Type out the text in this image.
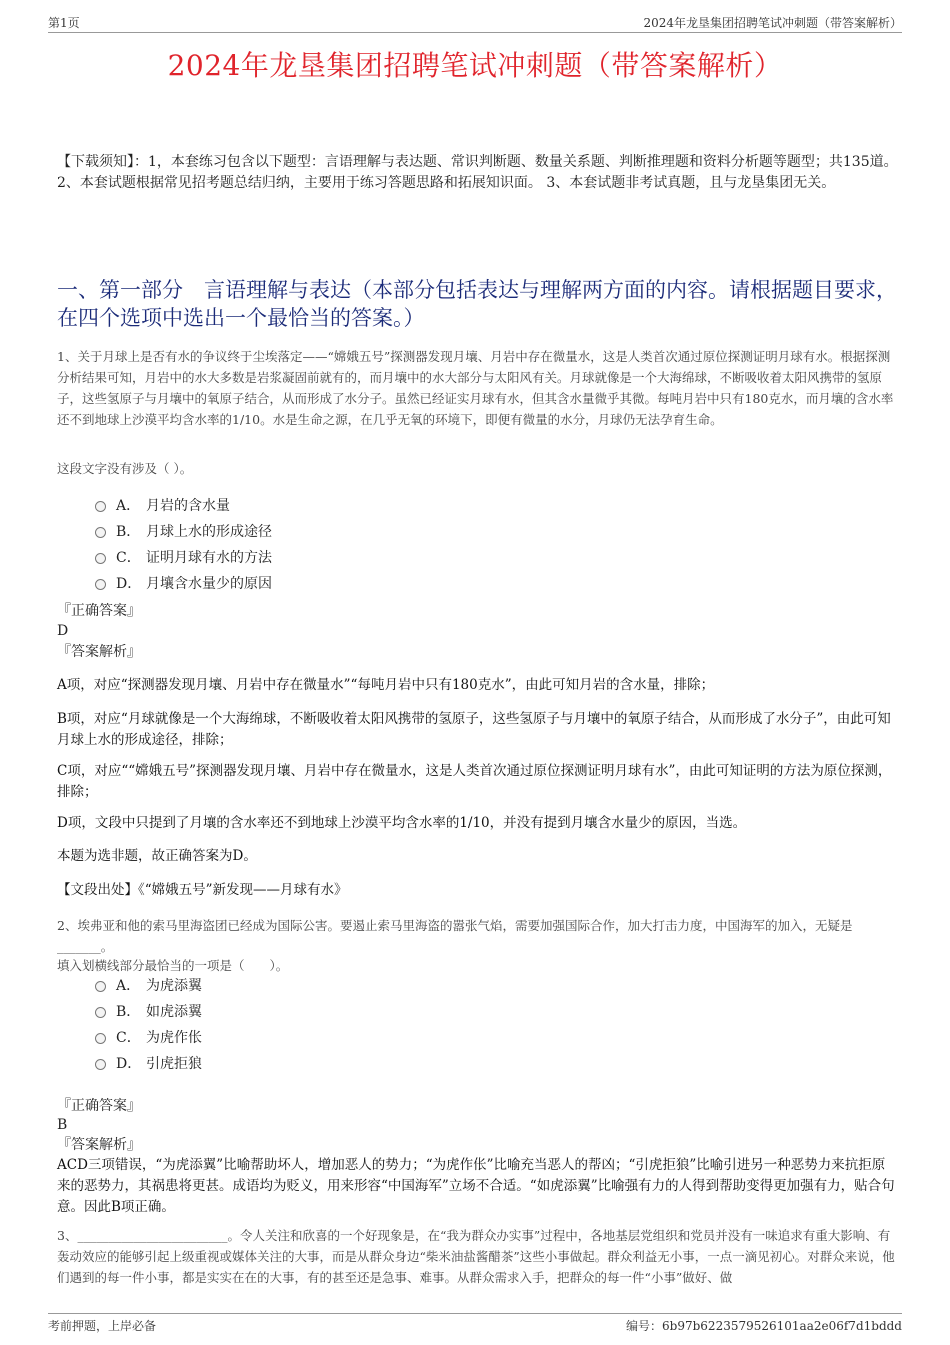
第1页	2024年龙垦集团招聘笔试冲刺题（带答案解析）
2024年龙垦集团招聘笔试冲刺题（带答案解析）
【下载须知】：1，本套练习包含以下题型：言语理解与表达题、常识判断题、数量关系题、判断推理题和资料分析题等题型；共135道。 2、本套试题根据常见招考题总结归纳，主要用于练习答题思路和拓展知识面。 3、本套试题非考试真题，且与龙垦集团无关。
一、第一部分　言语理解与表达（本部分包括表达与理解两方面的内容。请根据题目要求，在四个选项中选出一个最恰当的答案。）
1、关于月球上是否有水的争议终于尘埃落定——“嫦娥五号”探测器发现月壤、月岩中存在微量水，这是人类首次通过原位探测证明月球有水。根据探测分析结果可知，月岩中的水大多数是岩浆凝固前就有的，而月壤中的水大部分与太阳风有关。月球就像是一个大海绵球，不断吸收着太阳风携带的氢原子，这些氢原子与月壤中的氧原子结合，从而形成了水分子。虽然已经证实月球有水，但其含水量微乎其微。每吨月岩中只有180克水，而月壤的含水率还不到地球上沙漠平均含水率的1/10。水是生命之源，在几乎无氧的环境下，即便有微量的水分，月球仍无法孕育生命。
这段文字没有涉及（ ）。
A． 月岩的含水量
B． 月球上水的形成途径
C． 证明月球有水的方法
D． 月壤含水量少的原因
『正确答案』
D
『答案解析』
A项，对应“探测器发现月壤、月岩中存在微量水”“每吨月岩中只有180克水”，由此可知月岩的含水量，排除；
B项，对应“月球就像是一个大海绵球，不断吸收着太阳风携带的氢原子，这些氢原子与月壤中的氧原子结合，从而形成了水分子”，由此可知月球上水的形成途径，排除；
C项，对应““嫦娥五号”探测器发现月壤、月岩中存在微量水，这是人类首次通过原位探测证明月球有水”，由此可知证明的方法为原位探测，排除；
D项，文段中只提到了月壤的含水率还不到地球上沙漠平均含水率的1/10，并没有提到月壤含水量少的原因，当选。
本题为选非题，故正确答案为D。
【文段出处】《“嫦娥五号”新发现——月球有水》
2、埃弗亚和他的索马里海盗团已经成为国际公害。要遏止索马里海盗的嚣张气焰，需要加强国际合作，加大打击力度，中国海军的加入，无疑是_______。
填入划横线部分最恰当的一项是（　　）。
A． 为虎添翼
B． 如虎添翼
C． 为虎作伥
D． 引虎拒狼
『正确答案』
B
『答案解析』
ACD三项错误，“为虎添翼”比喻帮助坏人，增加恶人的势力；“为虎作伥”比喻充当恶人的帮凶；“引虎拒狼”比喻引进另一种恶势力来抗拒原来的恶势力，其祸患将更甚。成语均为贬义，用来形容“中国海军”立场不合适。“如虎添翼”比喻强有力的人得到帮助变得更加强有力，贴合句意。因此B项正确。
3、________________________。令人关注和欣喜的一个好现象是，在“我为群众办实事”过程中，各地基层党组织和党员并没有一味追求有重大影响、有轰动效应的能够引起上级重视或媒体关注的大事，而是从群众身边“柴米油盐酱醋茶”这些小事做起。群众利益无小事，一点一滴见初心。对群众来说，他们遇到的每一件小事，都是实实在在的大事，有的甚至还是急事、难事。从群众需求入手，把群众的每一件“小事”做好、做
考前押题，上岸必备	编号：6b97b6223579526101aa2e06f7d1bddd
